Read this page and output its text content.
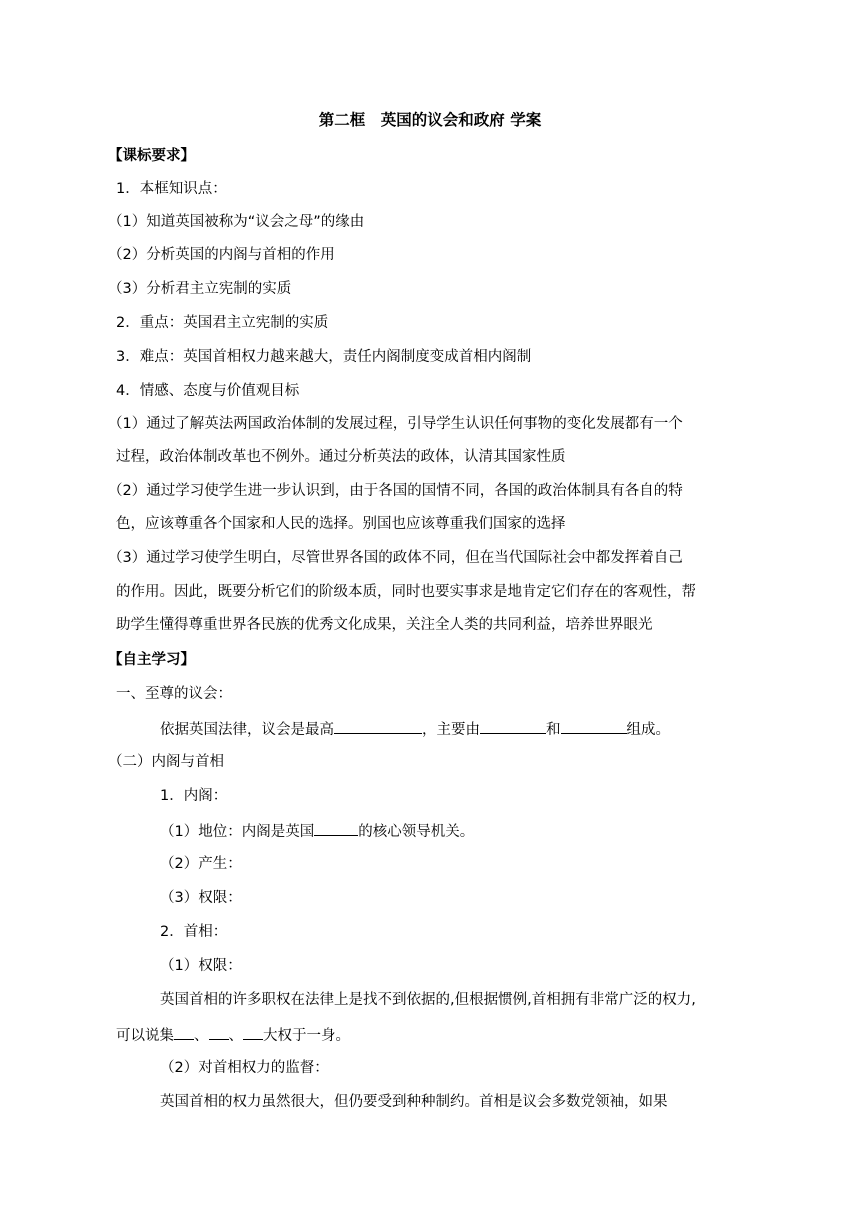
第二框　英国的议会和政府 学案
【课标要求】
1．本框知识点：
（1）知道英国被称为“议会之母”的缘由
（2）分析英国的内阁与首相的作用
（3）分析君主立宪制的实质
2．重点：英国君主立宪制的实质
3．难点：英国首相权力越来越大，责任内阁制度变成首相内阁制
4．情感、态度与价值观目标
（1）通过了解英法两国政治体制的发展过程，引导学生认识任何事物的变化发展都有一个
过程，政治体制改革也不例外。通过分析英法的政体，认清其国家性质
（2）通过学习使学生进一步认识到，由于各国的国情不同，各国的政治体制具有各自的特
色，应该尊重各个国家和人民的选择。别国也应该尊重我们国家的选择
（3）通过学习使学生明白，尽管世界各国的政体不同，但在当代国际社会中都发挥着自己
的作用。因此，既要分析它们的阶级本质，同时也要实事求是地肯定它们存在的客观性，帮
助学生懂得尊重世界各民族的优秀文化成果，关注全人类的共同利益，培养世界眼光
【自主学习】
一、至尊的议会：
依据英国法律，议会是最高	，主要由	和	组成。
（二）内阁与首相
1．内阁：
（1）地位：内阁是英国	的核心领导机关。
（2）产生：
（3）权限：
2．首相：
（1）权限：
英国首相的许多职权在法律上是找不到依据的,但根据惯例,首相拥有非常广泛的权力,
可以说集 、 、 大权于一身。
（2）对首相权力的监督：
英国首相的权力虽然很大，但仍要受到种种制约。首相是议会多数党领袖，如果
